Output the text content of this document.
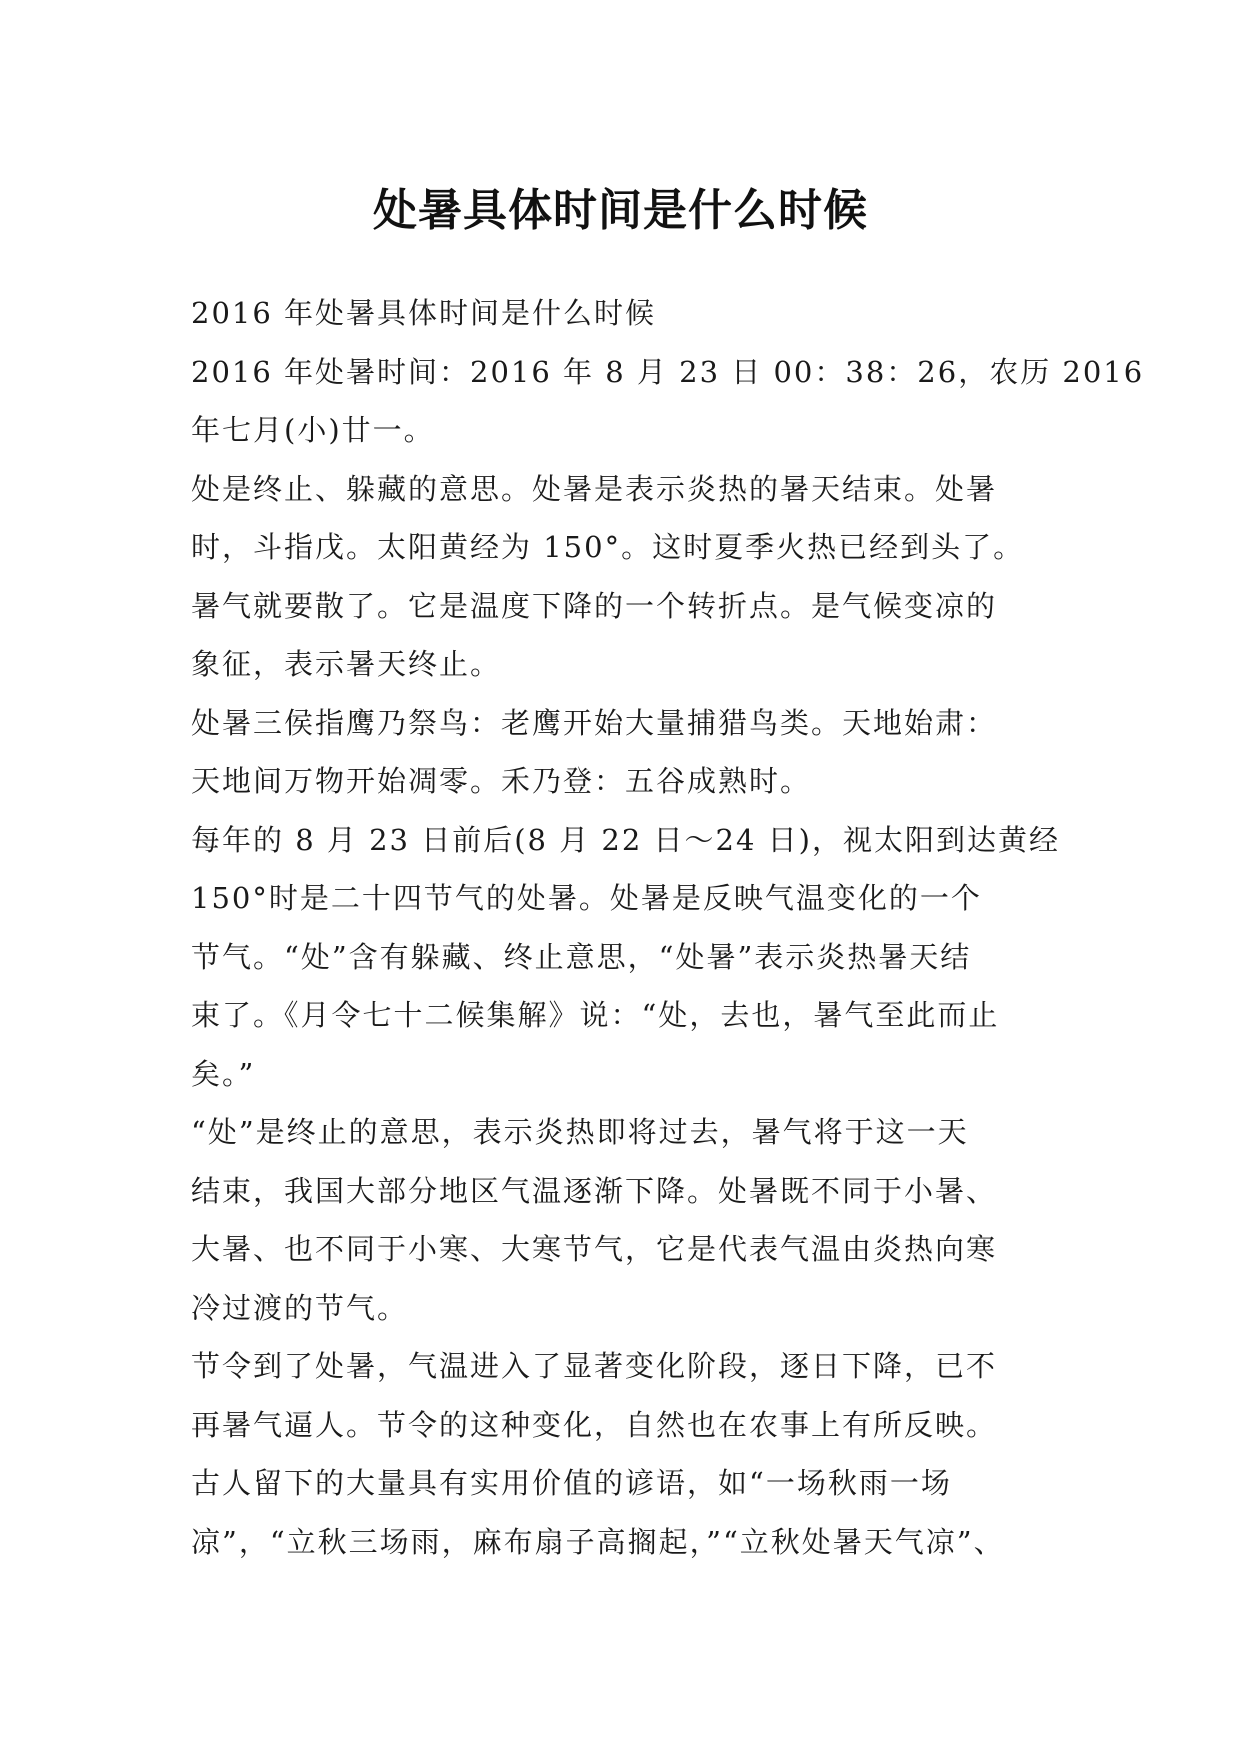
处暑具体时间是什么时候
2016 年处暑具体时间是什么时候
2016 年处暑时间：2016 年 8 月 23 日 00：38：26，农历 2016
年七月(小)廿一。
处是终止、躲藏的意思。处暑是表示炎热的暑天结束。处暑
时，斗指戊。太阳黄经为 150°。这时夏季火热已经到头了。
暑气就要散了。它是温度下降的一个转折点。是气候变凉的
象征，表示暑天终止。
处暑三侯指鹰乃祭鸟：老鹰开始大量捕猎鸟类。天地始肃：
天地间万物开始凋零。禾乃登：五谷成熟时。
每年的 8 月 23 日前后(8 月 22 日～24 日)，视太阳到达黄经
150°时是二十四节气的处暑。处暑是反映气温变化的一个
节气。“处”含有躲藏、终止意思，“处暑”表示炎热暑天结
束了。《月令七十二候集解》说：“处，去也，暑气至此而止
矣。”
“处”是终止的意思，表示炎热即将过去，暑气将于这一天
结束，我国大部分地区气温逐渐下降。处暑既不同于小暑、
大暑、也不同于小寒、大寒节气，它是代表气温由炎热向寒
冷过渡的节气。
节令到了处暑，气温进入了显著变化阶段，逐日下降，已不
再暑气逼人。节令的这种变化，自然也在农事上有所反映。
古人留下的大量具有实用价值的谚语，如“一场秋雨一场
凉”，“立秋三场雨，麻布扇子高搁起，”“立秋处暑天气凉”、
